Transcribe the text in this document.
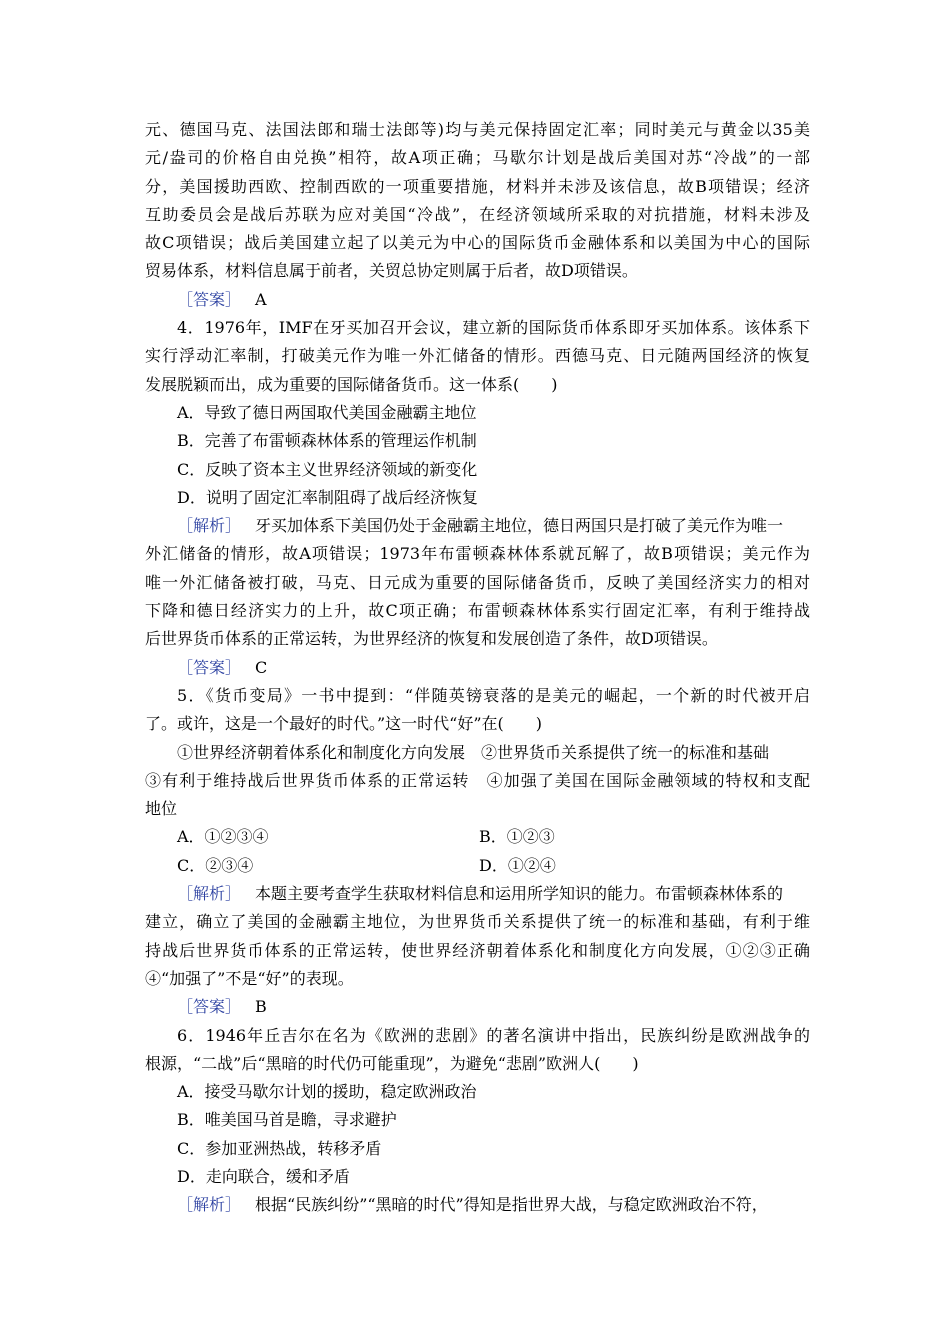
元、德国马克、法国法郎和瑞士法郎等)均与美元保持固定汇率；同时美元与黄金以35美
元/盎司的价格自由兑换”相符，故A项正确；马歇尔计划是战后美国对苏“冷战”的一部
分，美国援助西欧、控制西欧的一项重要措施，材料并未涉及该信息，故B项错误；经济
互助委员会是战后苏联为应对美国“冷战”，在经济领域所采取的对抗措施，材料未涉及
故C项错误；战后美国建立起了以美元为中心的国际货币金融体系和以美国为中心的国际
贸易体系，材料信息属于前者，关贸总协定则属于后者，故D项错误。
［答案］ A
4．1976年，IMF在牙买加召开会议，建立新的国际货币体系即牙买加体系。该体系下
实行浮动汇率制，打破美元作为唯一外汇储备的情形。西德马克、日元随两国经济的恢复
发展脱颖而出，成为重要的国际储备货币。这一体系(　　)
A．导致了德日两国取代美国金融霸主地位
B．完善了布雷顿森林体系的管理运作机制
C．反映了资本主义世界经济领域的新变化
D．说明了固定汇率制阻碍了战后经济恢复
［解析］ 牙买加体系下美国仍处于金融霸主地位，德日两国只是打破了美元作为唯一
外汇储备的情形，故A项错误；1973年布雷顿森林体系就瓦解了，故B项错误；美元作为
唯一外汇储备被打破，马克、日元成为重要的国际储备货币，反映了美国经济实力的相对
下降和德日经济实力的上升，故C项正确；布雷顿森林体系实行固定汇率，有利于维持战
后世界货币体系的正常运转，为世界经济的恢复和发展创造了条件，故D项错误。
［答案］ C
5．《货币变局》一书中提到：“伴随英镑衰落的是美元的崛起，一个新的时代被开启
了。或许，这是一个最好的时代。”这一时代“好”在(　　)
①世界经济朝着体系化和制度化方向发展　②世界货币关系提供了统一的标准和基础
③有利于维持战后世界货币体系的正常运转　④加强了美国在国际金融领域的特权和支配
地位
A．①②③④	B．①②③
C．②③④	D．①②④
［解析］ 本题主要考查学生获取材料信息和运用所学知识的能力。布雷顿森林体系的
建立，确立了美国的金融霸主地位，为世界货币关系提供了统一的标准和基础，有利于维
持战后世界货币体系的正常运转，使世界经济朝着体系化和制度化方向发展，①②③正确
④“加强了”不是“好”的表现。
［答案］ B
6．1946年丘吉尔在名为《欧洲的悲剧》的著名演讲中指出，民族纠纷是欧洲战争的
根源，“二战”后“黑暗的时代仍可能重现”，为避免“悲剧”欧洲人(　　)
A．接受马歇尔计划的援助，稳定欧洲政治
B．唯美国马首是瞻，寻求避护
C．参加亚洲热战，转移矛盾
D．走向联合，缓和矛盾
［解析］ 根据“民族纠纷”“黑暗的时代”得知是指世界大战，与稳定欧洲政治不符，
